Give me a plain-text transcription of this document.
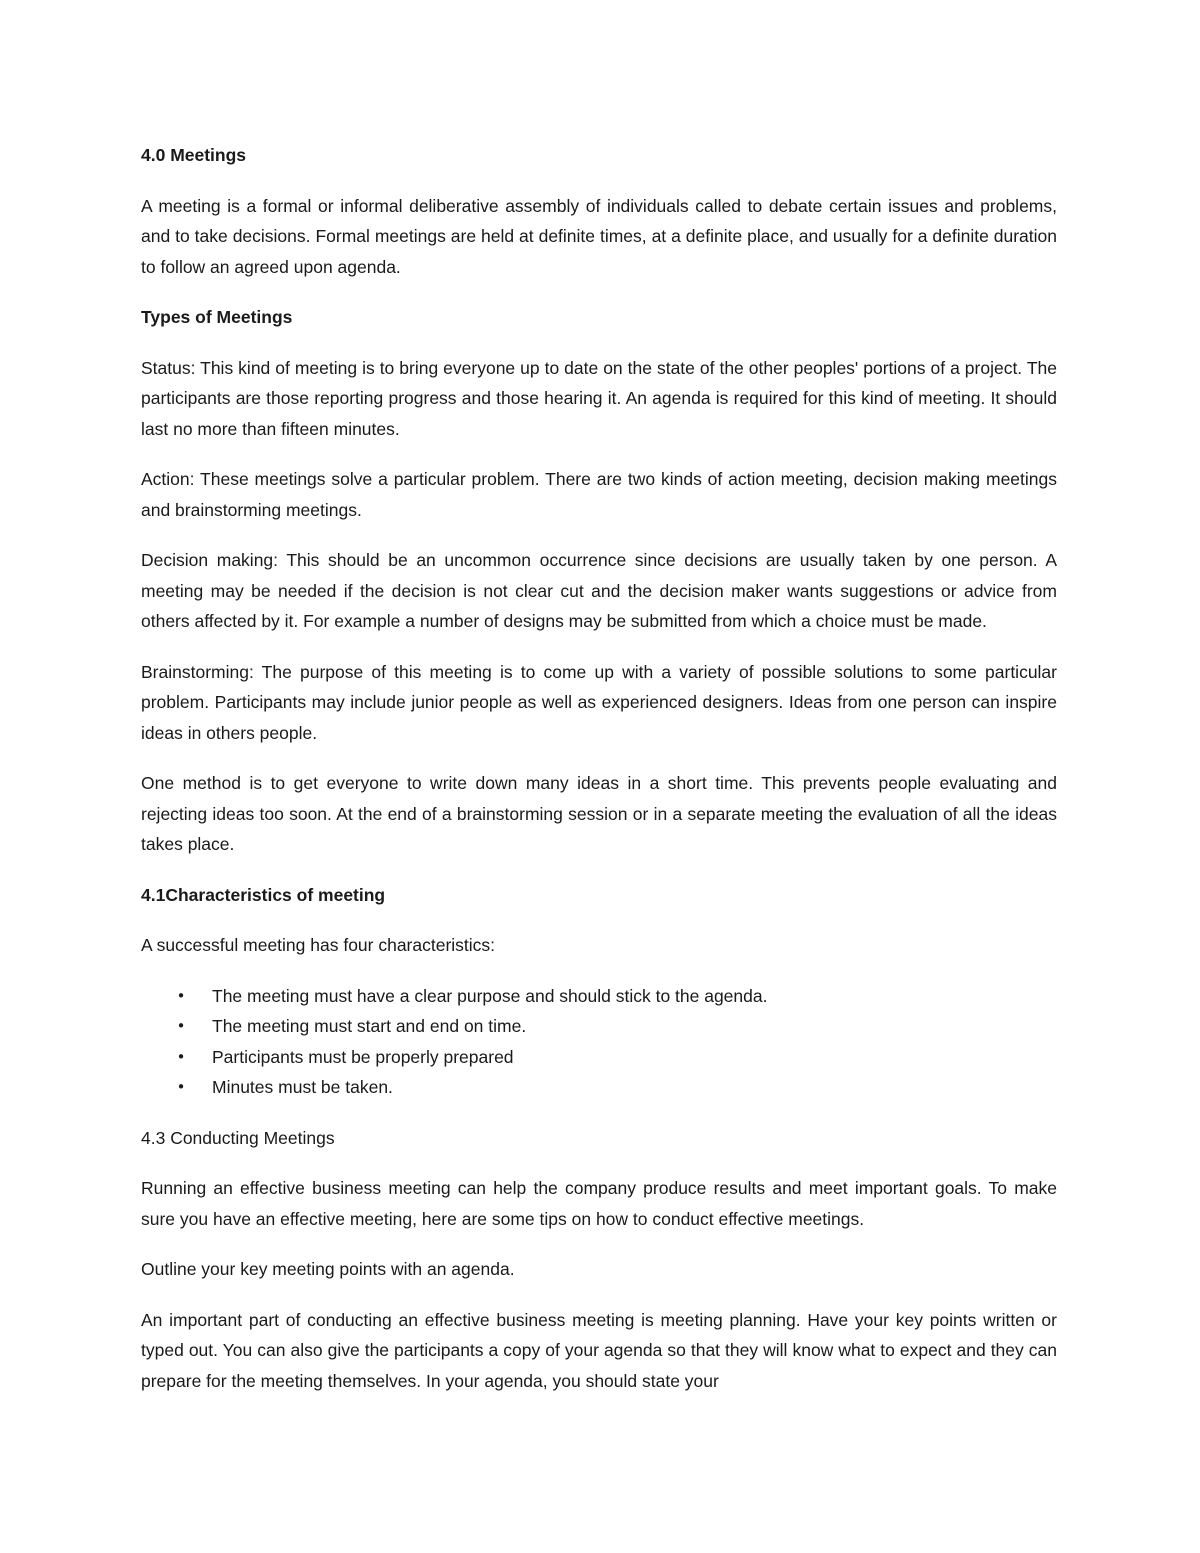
4.0 Meetings

A meeting is a formal or informal deliberative assembly of individuals called to debate certain issues and problems, and to take decisions. Formal meetings are held at definite times, at a definite place, and usually for a definite duration to follow an agreed upon agenda.

Types of Meetings

Status: This kind of meeting is to bring everyone up to date on the state of the other peoples' portions of a project. The participants are those reporting progress and those hearing it. An agenda is required for this kind of meeting. It should last no more than fifteen minutes.

Action: These meetings solve a particular problem. There are two kinds of action meeting, decision making meetings and brainstorming meetings.

Decision making: This should be an uncommon occurrence since decisions are usually taken by one person. A meeting may be needed if the decision is not clear cut and the decision maker wants suggestions or advice from others affected by it. For example a number of designs may be submitted from which a choice must be made.

Brainstorming: The purpose of this meeting is to come up with a variety of possible solutions to some particular problem. Participants may include junior people as well as experienced designers. Ideas from one person can inspire ideas in others people.

One method is to get everyone to write down many ideas in a short time. This prevents people evaluating and rejecting ideas too soon. At the end of a brainstorming session or in a separate meeting the evaluation of all the ideas takes place.

4.1Characteristics of meeting

A successful meeting has four characteristics:

• The meeting must have a clear purpose and should stick to the agenda.
• The meeting must start and end on time.
• Participants must be properly prepared
• Minutes must be taken.
4.3 Conducting Meetings

Running an effective business meeting can help the company produce results and meet important goals. To make sure you have an effective meeting, here are some tips on how to conduct effective meetings.

Outline your key meeting points with an agenda.

An important part of conducting an effective business meeting is meeting planning. Have your key points written or typed out. You can also give the participants a copy of your agenda so that they will know what to expect and they can prepare for the meeting themselves. In your agenda, you should state your
